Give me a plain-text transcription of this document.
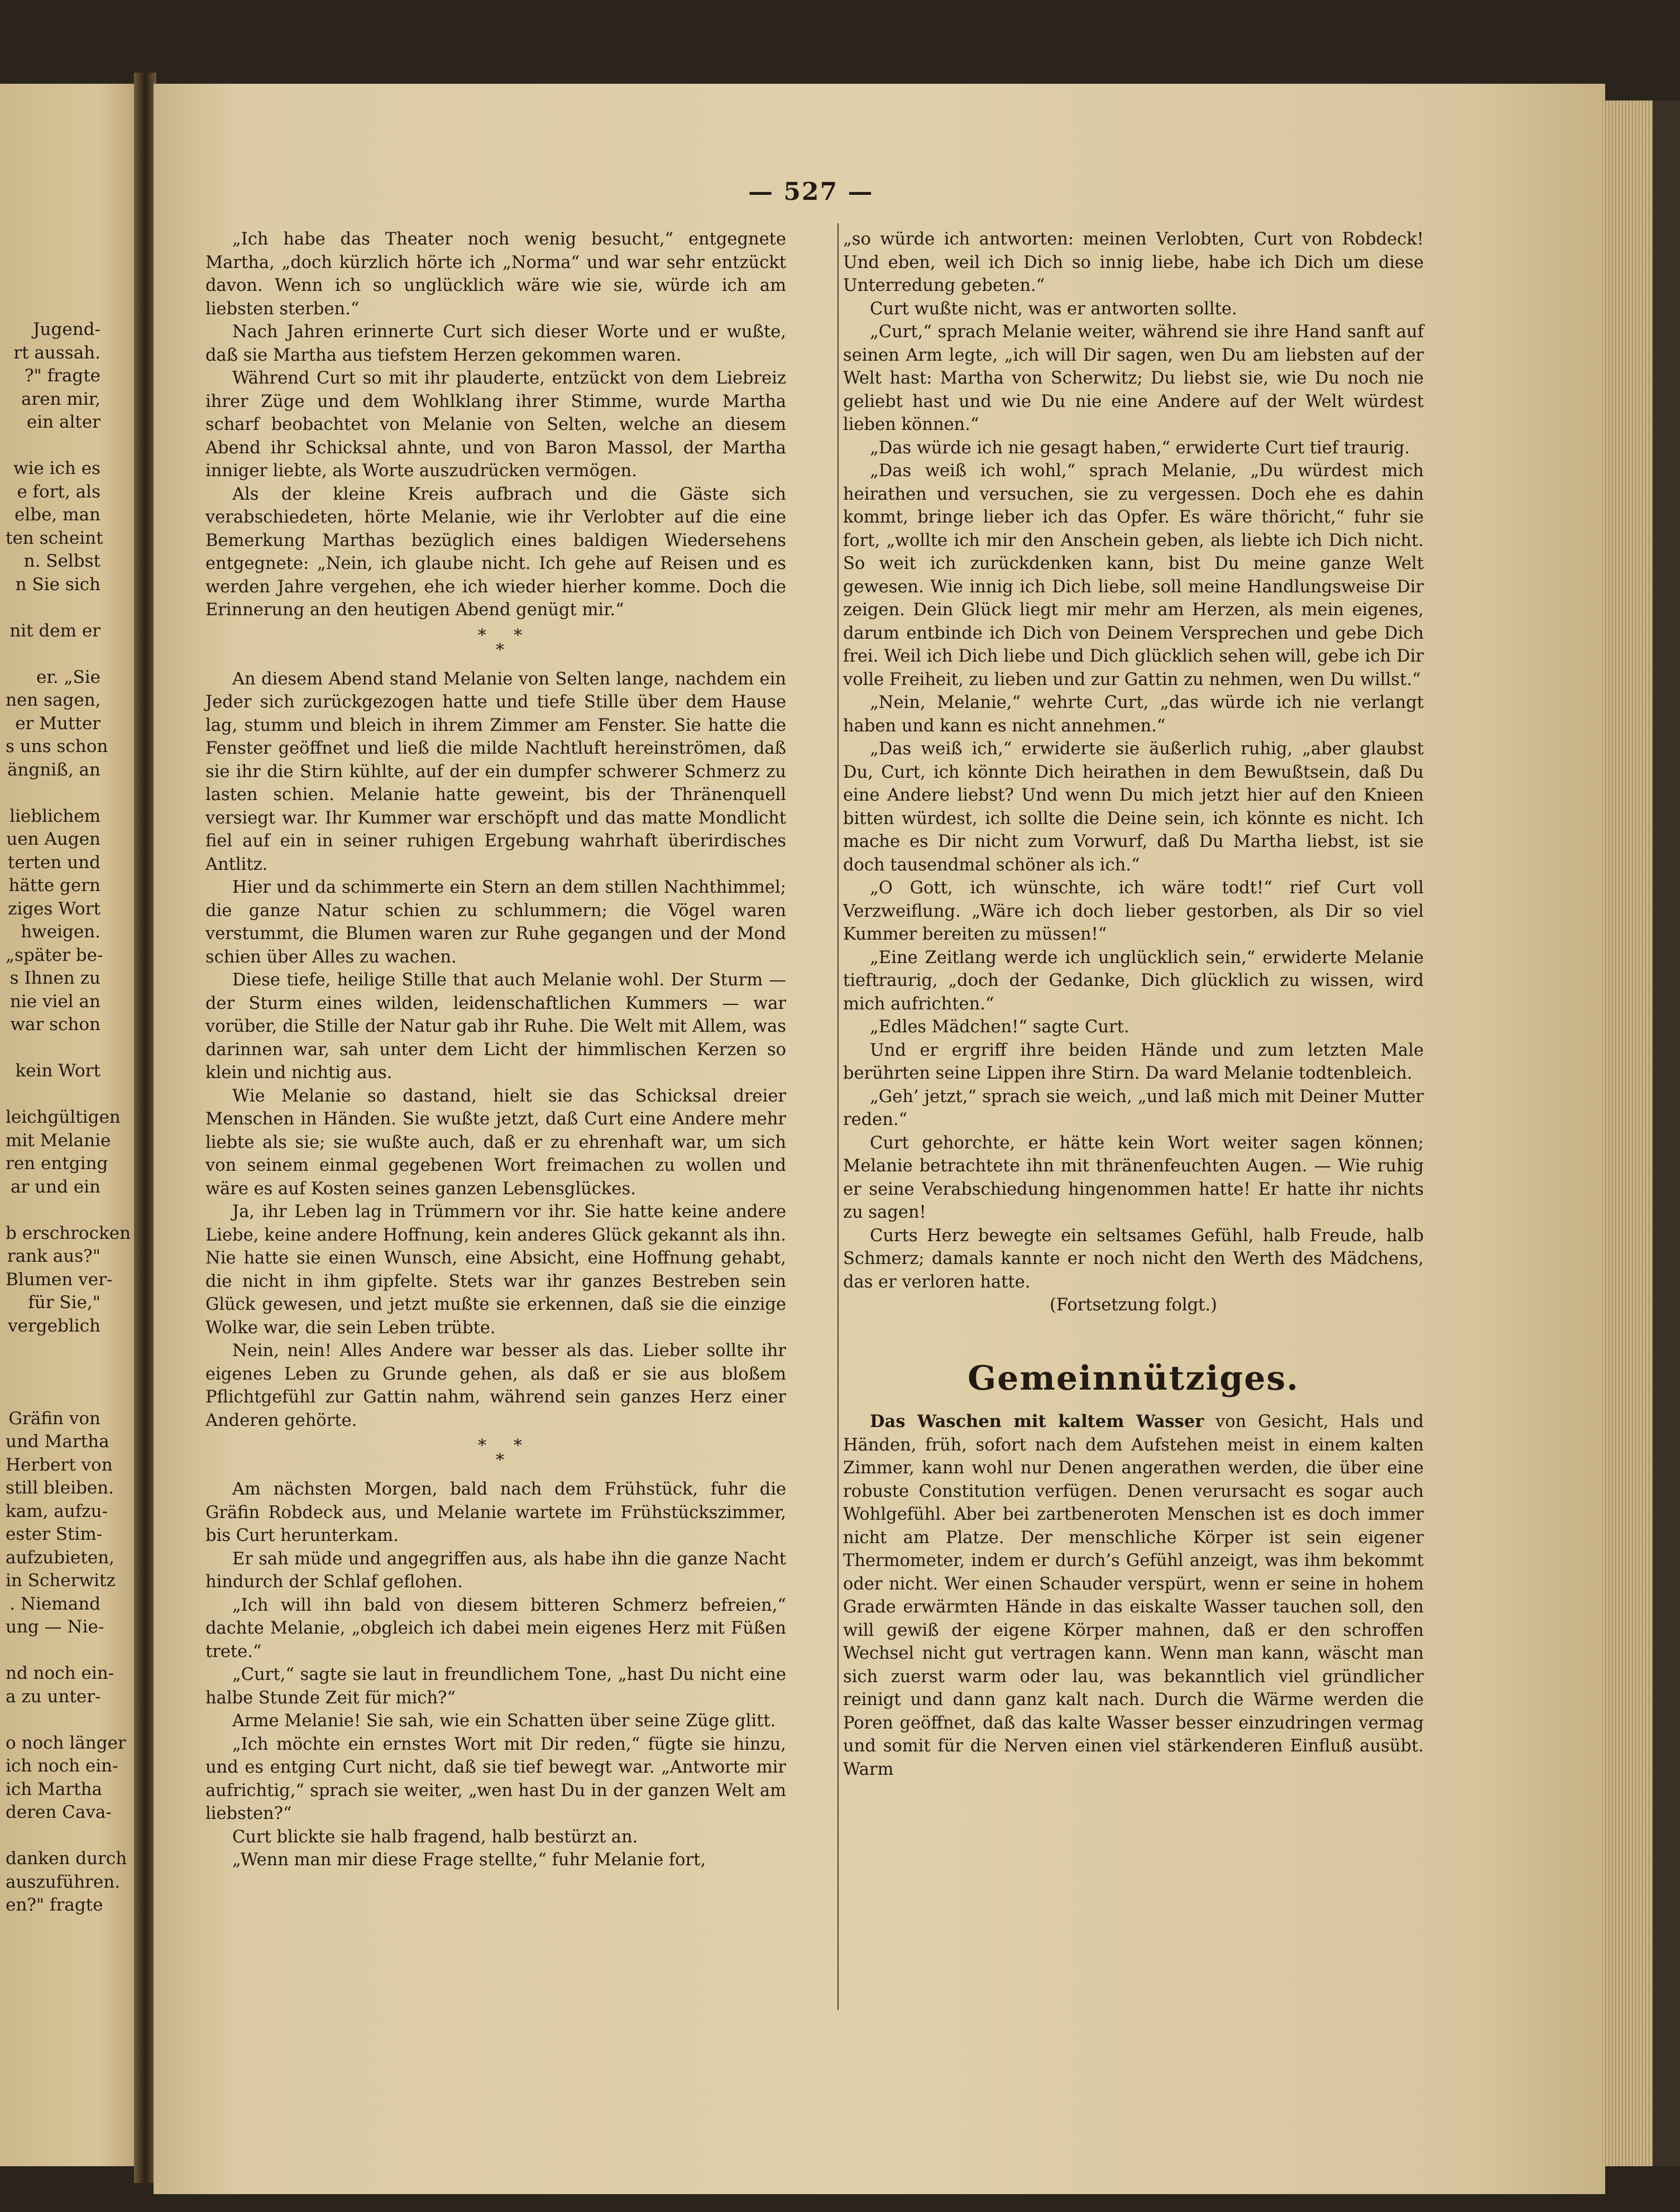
Jugend-
rt aussah.
?" fragte
aren mir,
ein alter

wie ich es
e fort, als
elbe, man
ten scheint
n. Selbst
n Sie sich

nit dem er

er. „Sie
nen sagen,
er Mutter
s uns schon
ängniß, an

lieblichem
uen Augen
terten und
hätte gern
ziges Wort
hweigen.
„später be-
s Ihnen zu
nie viel an
war schon

kein Wort

leichgültigen
mit Melanie
ren entging
ar und ein

b erschrocken
rank aus?"
Blumen ver-
für Sie,"
vergeblich

Gräfin von
und Martha
Herbert von
still bleiben.
kam, aufzu-
ester Stim-
aufzubieten,
in Scherwitz
. Niemand
ung — Nie-

nd noch ein-
a zu unter-

o noch länger
ich noch ein-
ich Martha
deren Cava-

danken durch
auszuführen.
en?" fragte
— 527 —

„Ich habe das Theater noch wenig besucht,“ entgegnete Martha, „doch kürzlich hörte ich „Norma“ und war sehr entzückt davon. Wenn ich so unglücklich wäre wie sie, würde ich am liebsten sterben.“

Nach Jahren erinnerte Curt sich dieser Worte und er wußte, daß sie Martha aus tiefstem Herzen gekommen waren.

Während Curt so mit ihr plauderte, entzückt von dem Liebreiz ihrer Züge und dem Wohlklang ihrer Stimme, wurde Martha scharf beobachtet von Melanie von Selten, welche an diesem Abend ihr Schicksal ahnte, und von Baron Massol, der Martha inniger liebte, als Worte auszudrücken vermögen.

Als der kleine Kreis aufbrach und die Gäste sich verabschiedeten, hörte Melanie, wie ihr Verlobter auf die eine Bemerkung Marthas bezüglich eines baldigen Wiedersehens entgegnete: „Nein, ich glaube nicht. Ich gehe auf Reisen und es werden Jahre vergehen, ehe ich wieder hierher komme. Doch die Erinnerung an den heutigen Abend genügt mir.“

* *
*

An diesem Abend stand Melanie von Selten lange, nachdem ein Jeder sich zurückgezogen hatte und tiefe Stille über dem Hause lag, stumm und bleich in ihrem Zimmer am Fenster. Sie hatte die Fenster geöffnet und ließ die milde Nachtluft hereinströmen, daß sie ihr die Stirn kühlte, auf der ein dumpfer schwerer Schmerz zu lasten schien. Melanie hatte geweint, bis der Thränenquell versiegt war. Ihr Kummer war erschöpft und das matte Mondlicht fiel auf ein in seiner ruhigen Ergebung wahrhaft überirdisches Antlitz.

Hier und da schimmerte ein Stern an dem stillen Nachthimmel; die ganze Natur schien zu schlummern; die Vögel waren verstummt, die Blumen waren zur Ruhe gegangen und der Mond schien über Alles zu wachen.

Diese tiefe, heilige Stille that auch Melanie wohl. Der Sturm — der Sturm eines wilden, leidenschaftlichen Kummers — war vorüber, die Stille der Natur gab ihr Ruhe. Die Welt mit Allem, was darinnen war, sah unter dem Licht der himmlischen Kerzen so klein und nichtig aus.

Wie Melanie so dastand, hielt sie das Schicksal dreier Menschen in Händen. Sie wußte jetzt, daß Curt eine Andere mehr liebte als sie; sie wußte auch, daß er zu ehrenhaft war, um sich von seinem einmal gegebenen Wort freimachen zu wollen und wäre es auf Kosten seines ganzen Lebensglückes.

Ja, ihr Leben lag in Trümmern vor ihr. Sie hatte keine andere Liebe, keine andere Hoffnung, kein anderes Glück gekannt als ihn. Nie hatte sie einen Wunsch, eine Absicht, eine Hoffnung gehabt, die nicht in ihm gipfelte. Stets war ihr ganzes Bestreben sein Glück gewesen, und jetzt mußte sie erkennen, daß sie die einzige Wolke war, die sein Leben trübte.

Nein, nein! Alles Andere war besser als das. Lieber sollte ihr eigenes Leben zu Grunde gehen, als daß er sie aus bloßem Pflichtgefühl zur Gattin nahm, während sein ganzes Herz einer Anderen gehörte.

* *
*

Am nächsten Morgen, bald nach dem Frühstück, fuhr die Gräfin Robdeck aus, und Melanie wartete im Frühstückszimmer, bis Curt herunterkam.

Er sah müde und angegriffen aus, als habe ihn die ganze Nacht hindurch der Schlaf geflohen.

„Ich will ihn bald von diesem bitteren Schmerz befreien,“ dachte Melanie, „obgleich ich dabei mein eigenes Herz mit Füßen trete.“

„Curt,“ sagte sie laut in freundlichem Tone, „hast Du nicht eine halbe Stunde Zeit für mich?“

Arme Melanie! Sie sah, wie ein Schatten über seine Züge glitt.

„Ich möchte ein ernstes Wort mit Dir reden,“ fügte sie hinzu, und es entging Curt nicht, daß sie tief bewegt war. „Antworte mir aufrichtig,“ sprach sie weiter, „wen hast Du in der ganzen Welt am liebsten?“

Curt blickte sie halb fragend, halb bestürzt an.

„Wenn man mir diese Frage stellte,“ fuhr Melanie fort,

„so würde ich antworten: meinen Verlobten, Curt von Robdeck! Und eben, weil ich Dich so innig liebe, habe ich Dich um diese Unterredung gebeten.“

Curt wußte nicht, was er antworten sollte.

„Curt,“ sprach Melanie weiter, während sie ihre Hand sanft auf seinen Arm legte, „ich will Dir sagen, wen Du am liebsten auf der Welt hast: Martha von Scherwitz; Du liebst sie, wie Du noch nie geliebt hast und wie Du nie eine Andere auf der Welt würdest lieben können.“

„Das würde ich nie gesagt haben,“ erwiderte Curt tief traurig.

„Das weiß ich wohl,“ sprach Melanie, „Du würdest mich heirathen und versuchen, sie zu vergessen. Doch ehe es dahin kommt, bringe lieber ich das Opfer. Es wäre thöricht,“ fuhr sie fort, „wollte ich mir den Anschein geben, als liebte ich Dich nicht. So weit ich zurückdenken kann, bist Du meine ganze Welt gewesen. Wie innig ich Dich liebe, soll meine Handlungsweise Dir zeigen. Dein Glück liegt mir mehr am Herzen, als mein eigenes, darum entbinde ich Dich von Deinem Versprechen und gebe Dich frei. Weil ich Dich liebe und Dich glücklich sehen will, gebe ich Dir volle Freiheit, zu lieben und zur Gattin zu nehmen, wen Du willst.“

„Nein, Melanie,“ wehrte Curt, „das würde ich nie verlangt haben und kann es nicht annehmen.“

„Das weiß ich,“ erwiderte sie äußerlich ruhig, „aber glaubst Du, Curt, ich könnte Dich heirathen in dem Bewußtsein, daß Du eine Andere liebst? Und wenn Du mich jetzt hier auf den Knieen bitten würdest, ich sollte die Deine sein, ich könnte es nicht. Ich mache es Dir nicht zum Vorwurf, daß Du Martha liebst, ist sie doch tausendmal schöner als ich.“

„O Gott, ich wünschte, ich wäre todt!“ rief Curt voll Verzweiflung. „Wäre ich doch lieber gestorben, als Dir so viel Kummer bereiten zu müssen!“

„Eine Zeitlang werde ich unglücklich sein,“ erwiderte Melanie tieftraurig, „doch der Gedanke, Dich glücklich zu wissen, wird mich aufrichten.“

„Edles Mädchen!“ sagte Curt.

Und er ergriff ihre beiden Hände und zum letzten Male berührten seine Lippen ihre Stirn. Da ward Melanie todtenbleich.

„Geh’ jetzt,“ sprach sie weich, „und laß mich mit Deiner Mutter reden.“

Curt gehorchte, er hätte kein Wort weiter sagen können; Melanie betrachtete ihn mit thränenfeuchten Augen. — Wie ruhig er seine Verabschiedung hingenommen hatte! Er hatte ihr nichts zu sagen!

Curts Herz bewegte ein seltsames Gefühl, halb Freude, halb Schmerz; damals kannte er noch nicht den Werth des Mädchens, das er verloren hatte.

(Fortsetzung folgt.)

Gemeinnütziges.

Das Waschen mit kaltem Wasser von Gesicht, Hals und Händen, früh, sofort nach dem Aufstehen meist in einem kalten Zimmer, kann wohl nur Denen angerathen werden, die über eine robuste Constitution verfügen. Denen verursacht es sogar auch Wohlgefühl. Aber bei zartbeneroten Menschen ist es doch immer nicht am Platze. Der menschliche Körper ist sein eigener Thermometer, indem er durch’s Gefühl anzeigt, was ihm bekommt oder nicht. Wer einen Schauder verspürt, wenn er seine in hohem Grade erwärmten Hände in das eiskalte Wasser tauchen soll, den will gewiß der eigene Körper mahnen, daß er den schroffen Wechsel nicht gut vertragen kann. Wenn man kann, wäscht man sich zuerst warm oder lau, was bekanntlich viel gründlicher reinigt und dann ganz kalt nach. Durch die Wärme werden die Poren geöffnet, daß das kalte Wasser besser einzudringen vermag und somit für die Nerven einen viel stärkenderen Einfluß ausübt. Warm
